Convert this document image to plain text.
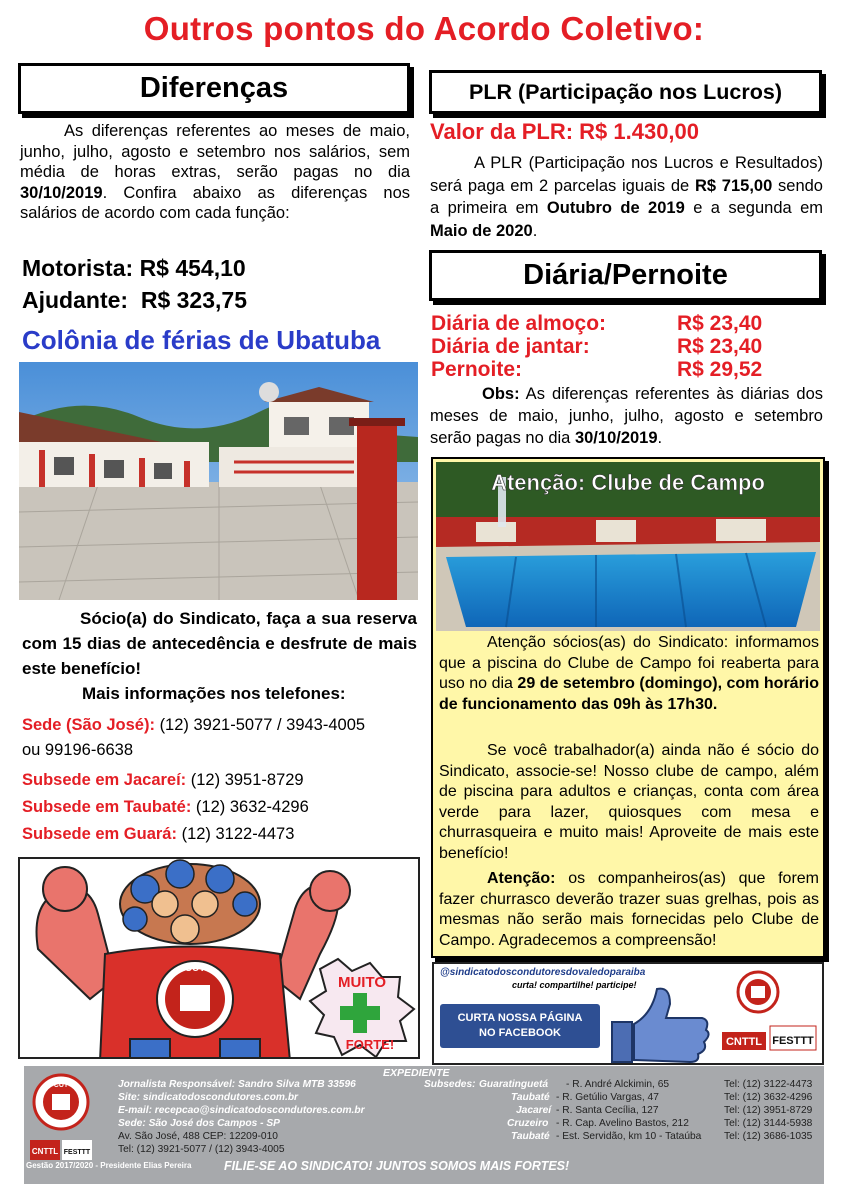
Outros pontos do Acordo Coletivo:
Diferenças

As diferenças referentes ao meses de maio, junho, julho, agosto e setembro nos salários, sem média de horas extras, serão pagas no dia 30/10/2019. Confira abaixo as diferenças nos salários de acordo com cada função:

Motorista: R$ 454,10
Ajudante: R$ 323,75
Colônia de férias de Ubatuba

Sócio(a) do Sindicato, faça a sua reserva com 15 dias de antecedência e desfrute de mais este benefício!

Mais informações nos telefones:
Sede (São José): (12) 3921-5077 / 3943-4005
ou 99196-6638
Subsede em Jacareí: (12) 3951-8729
Subsede em Taubaté: (12) 3632-4296
Subsede em Guará: (12) 3122-4473
CUT
MUITO
FORTE!
PLR (Participação nos Lucros)
Valor da PLR: R$ 1.430,00

A PLR (Participação nos Lucros e Resultados) será paga em 2 parcelas iguais de R$ 715,00 sendo a primeira em Outubro de 2019 e a segunda em Maio de 2020.

Diária/Pernoite
Diária de almoço:	R$ 23,40
Diária de jantar:	R$ 23,40
Pernoite:	R$ 29,52

Obs: As diferenças referentes às diárias dos meses de maio, junho, julho, agosto e setembro serão pagas no dia 30/10/2019.

Atenção: Clube de Campo

Atenção sócios(as) do Sindicato: informamos que a piscina do Clube de Campo foi reaberta para uso no dia 29 de setembro (domingo), com horário de funcionamento das 09h às 17h30.

Se você trabalhador(a) ainda não é sócio do Sindicato, associe-se! Nosso clube de campo, além de piscina para adultos e crianças, conta com área verde para lazer, quiosques com mesa e churrasqueira e muito mais! Aproveite de mais este benefício!

Atenção: os companheiros(as) que forem fazer churrasco deverão trazer suas grelhas, pois as mesmas não serão mais fornecidas pelo Clube de Campo. Agradecemos a compreensão!

@sindicatodoscondutoresdovaledoparaiba
curta! compartilhe! participe!
CURTA NOSSA PÁGINA
NO FACEBOOK
CNTTL FESTTT
EXPEDIENTE
CUT
CNTTL FESTTT
Jornalista Responsável: Sandro Silva MTB 33596
Site: sindicatodoscondutores.com.br
E-mail: recepcao@sindicatodoscondutores.com.br
Sede: São José dos Campos - SP
Av. São José, 488 CEP: 12209-010
Tel: (12) 3921-5077 / (12) 3943-4005
Subsedes: Guaratinguetá - R. André Alckimin, 65	Tel: (12) 3122-4473
Taubaté - R. Getúlio Vargas, 47	Tel: (12) 3632-4296
Jacareí - R. Santa Cecília, 127	Tel: (12) 3951-8729
Cruzeiro - R. Cap. Avelino Bastos, 212	Tel: (12) 3144-5938
Taubaté - Est. Servidão, km 10 - Tataúba Tel: (12) 3686-1035
Gestão 2017/2020 - Presidente Elias Pereira	FILIE-SE AO SINDICATO! JUNTOS SOMOS MAIS FORTES!
